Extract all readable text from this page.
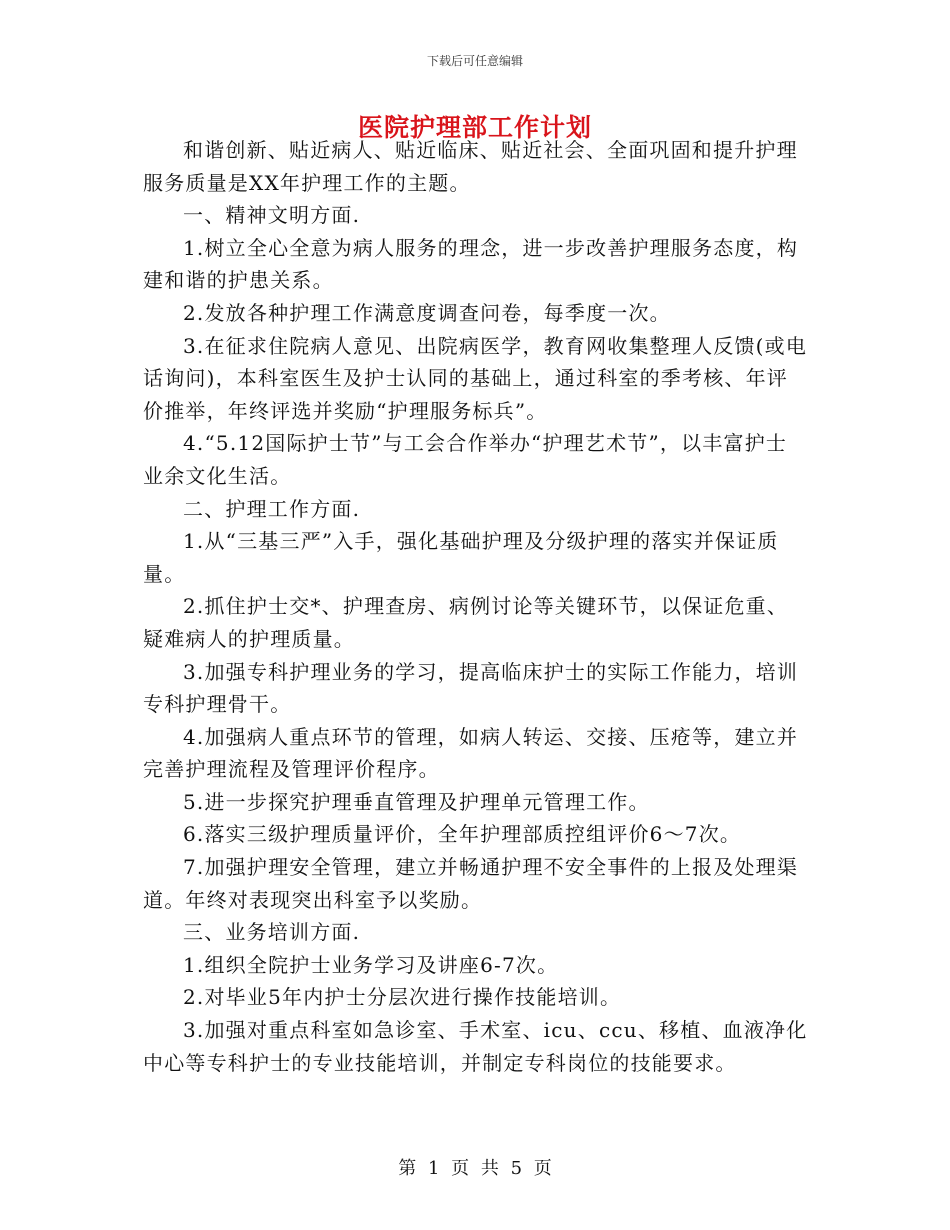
下载后可任意编辑
医院护理部工作计划

和谐创新、贴近病人、贴近临床、贴近社会、全面巩固和提升护理服务质量是XX年护理工作的主题。

一、精神文明方面.

1.树立全心全意为病人服务的理念，进一步改善护理服务态度，构建和谐的护患关系。

2.发放各种护理工作满意度调查问卷，每季度一次。

3.在征求住院病人意见、出院病医学，教育网收集整理人反馈(或电话询问)，本科室医生及护士认同的基础上，通过科室的季考核、年评价推举，年终评选并奖励“护理服务标兵”。

4.“5.12国际护士节”与工会合作举办“护理艺术节”，以丰富护士业余文化生活。

二、护理工作方面.

1.从“三基三严”入手，强化基础护理及分级护理的落实并保证质量。

2.抓住护士交*、护理查房、病例讨论等关键环节，以保证危重、疑难病人的护理质量。

3.加强专科护理业务的学习，提高临床护士的实际工作能力，培训专科护理骨干。

4.加强病人重点环节的管理，如病人转运、交接、压疮等，建立并完善护理流程及管理评价程序。

5.进一步探究护理垂直管理及护理单元管理工作。

6.落实三级护理质量评价，全年护理部质控组评价6～7次。

7.加强护理安全管理，建立并畅通护理不安全事件的上报及处理渠道。年终对表现突出科室予以奖励。

三、业务培训方面.

1.组织全院护士业务学习及讲座6-7次。

2.对毕业5年内护士分层次进行操作技能培训。

3.加强对重点科室如急诊室、手术室、icu、ccu、移植、血液净化中心等专科护士的专业技能培训，并制定专科岗位的技能要求。

第 1 页 共 5 页
